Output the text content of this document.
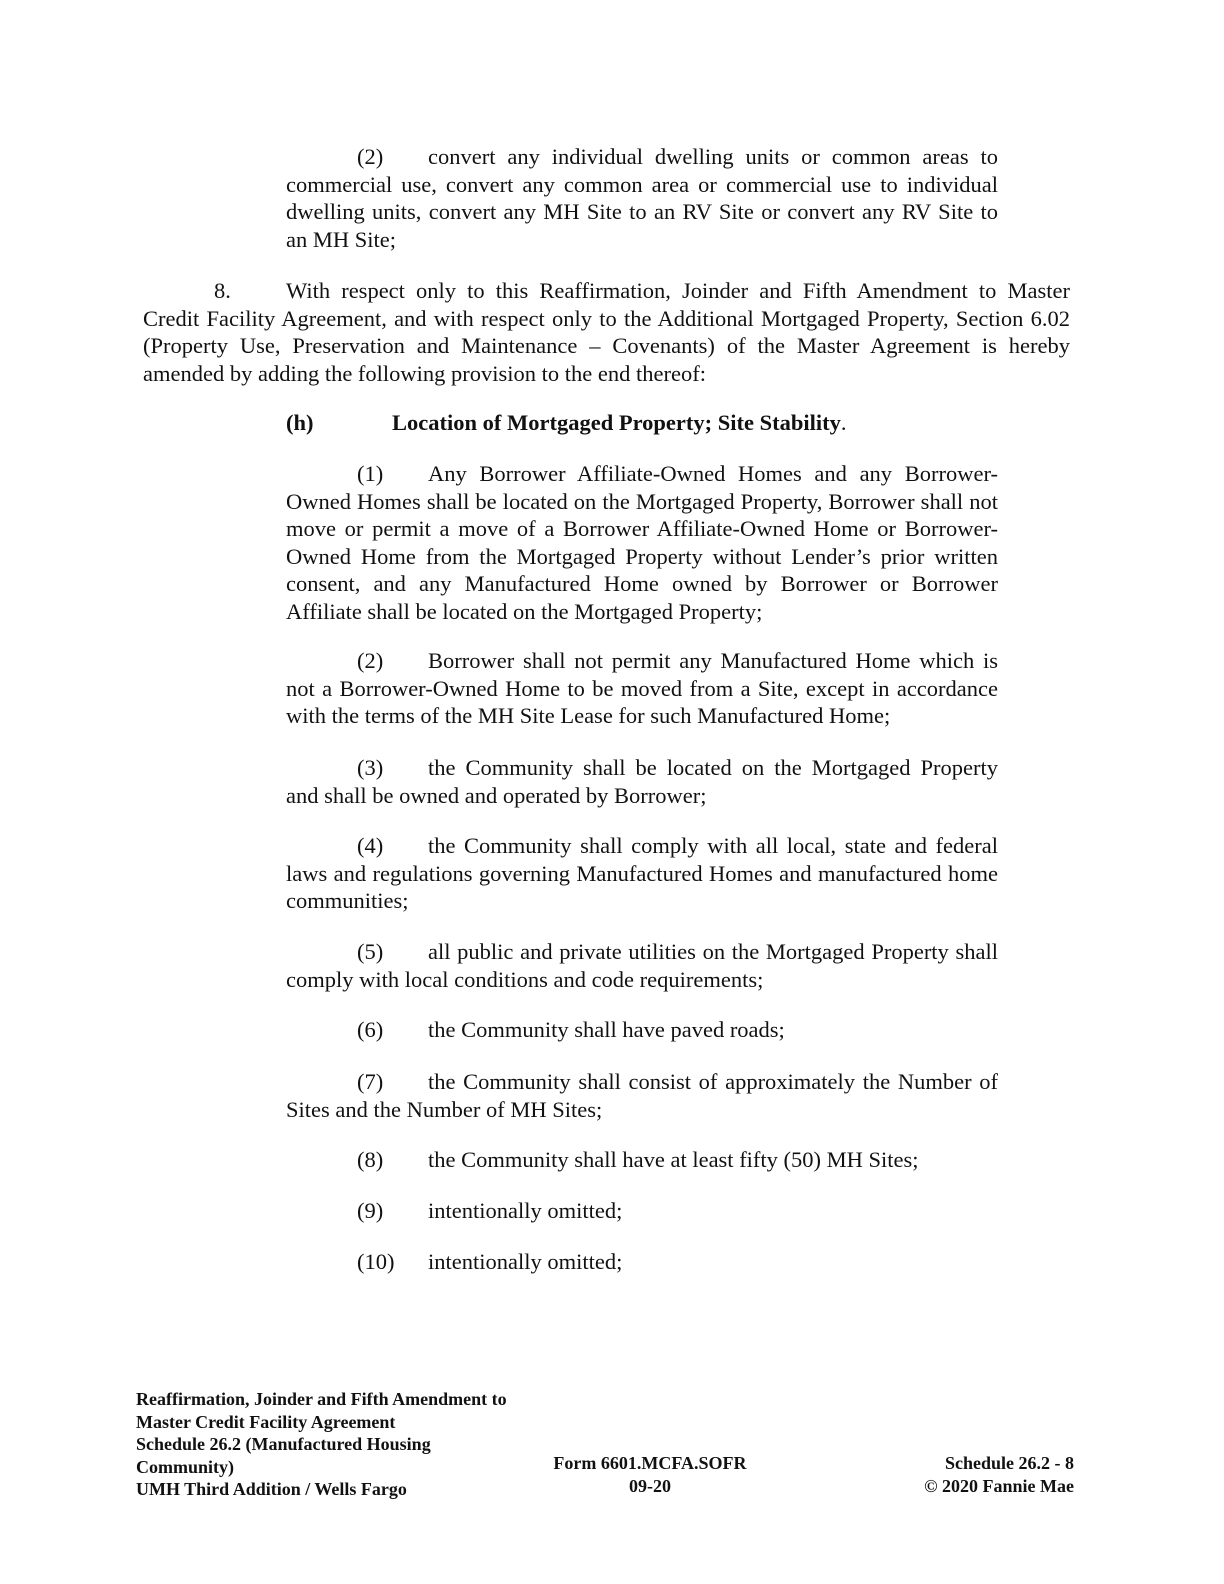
(2) convert any individual dwelling units or common areas to commercial use, convert any common area or commercial use to individual dwelling units, convert any MH Site to an RV Site or convert any RV Site to an MH Site;

8. With respect only to this Reaffirmation, Joinder and Fifth Amendment to Master Credit Facility Agreement, and with respect only to the Additional Mortgaged Property, Section 6.02 (Property Use, Preservation and Maintenance – Covenants) of the Master Agreement is hereby amended by adding the following provision to the end thereof:

(h)	Location of Mortgaged Property; Site Stability.

(1) Any Borrower Affiliate-Owned Homes and any Borrower-Owned Homes shall be located on the Mortgaged Property, Borrower shall not move or permit a move of a Borrower Affiliate-Owned Home or Borrower-Owned Home from the Mortgaged Property without Lender’s prior written consent, and any Manufactured Home owned by Borrower or Borrower Affiliate shall be located on the Mortgaged Property;

(2) Borrower shall not permit any Manufactured Home which is not a Borrower-Owned Home to be moved from a Site, except in accordance with the terms of the MH Site Lease for such Manufactured Home;

(3) the Community shall be located on the Mortgaged Property and shall be owned and operated by Borrower;

(4) the Community shall comply with all local, state and federal laws and regulations governing Manufactured Homes and manufactured home communities;

(5) all public and private utilities on the Mortgaged Property shall comply with local conditions and code requirements;

(6) the Community shall have paved roads;

(7) the Community shall consist of approximately the Number of Sites and the Number of MH Sites;

(8) the Community shall have at least fifty (50) MH Sites;

(9) intentionally omitted;

(10) intentionally omitted;

Reaffirmation, Joinder and Fifth Amendment to
Master Credit Facility Agreement
Schedule 26.2 (Manufactured Housing
Community)
UMH Third Addition / Wells Fargo
Form 6601.MCFA.SOFR
09-20
Schedule 26.2 - 8
© 2020 Fannie Mae
